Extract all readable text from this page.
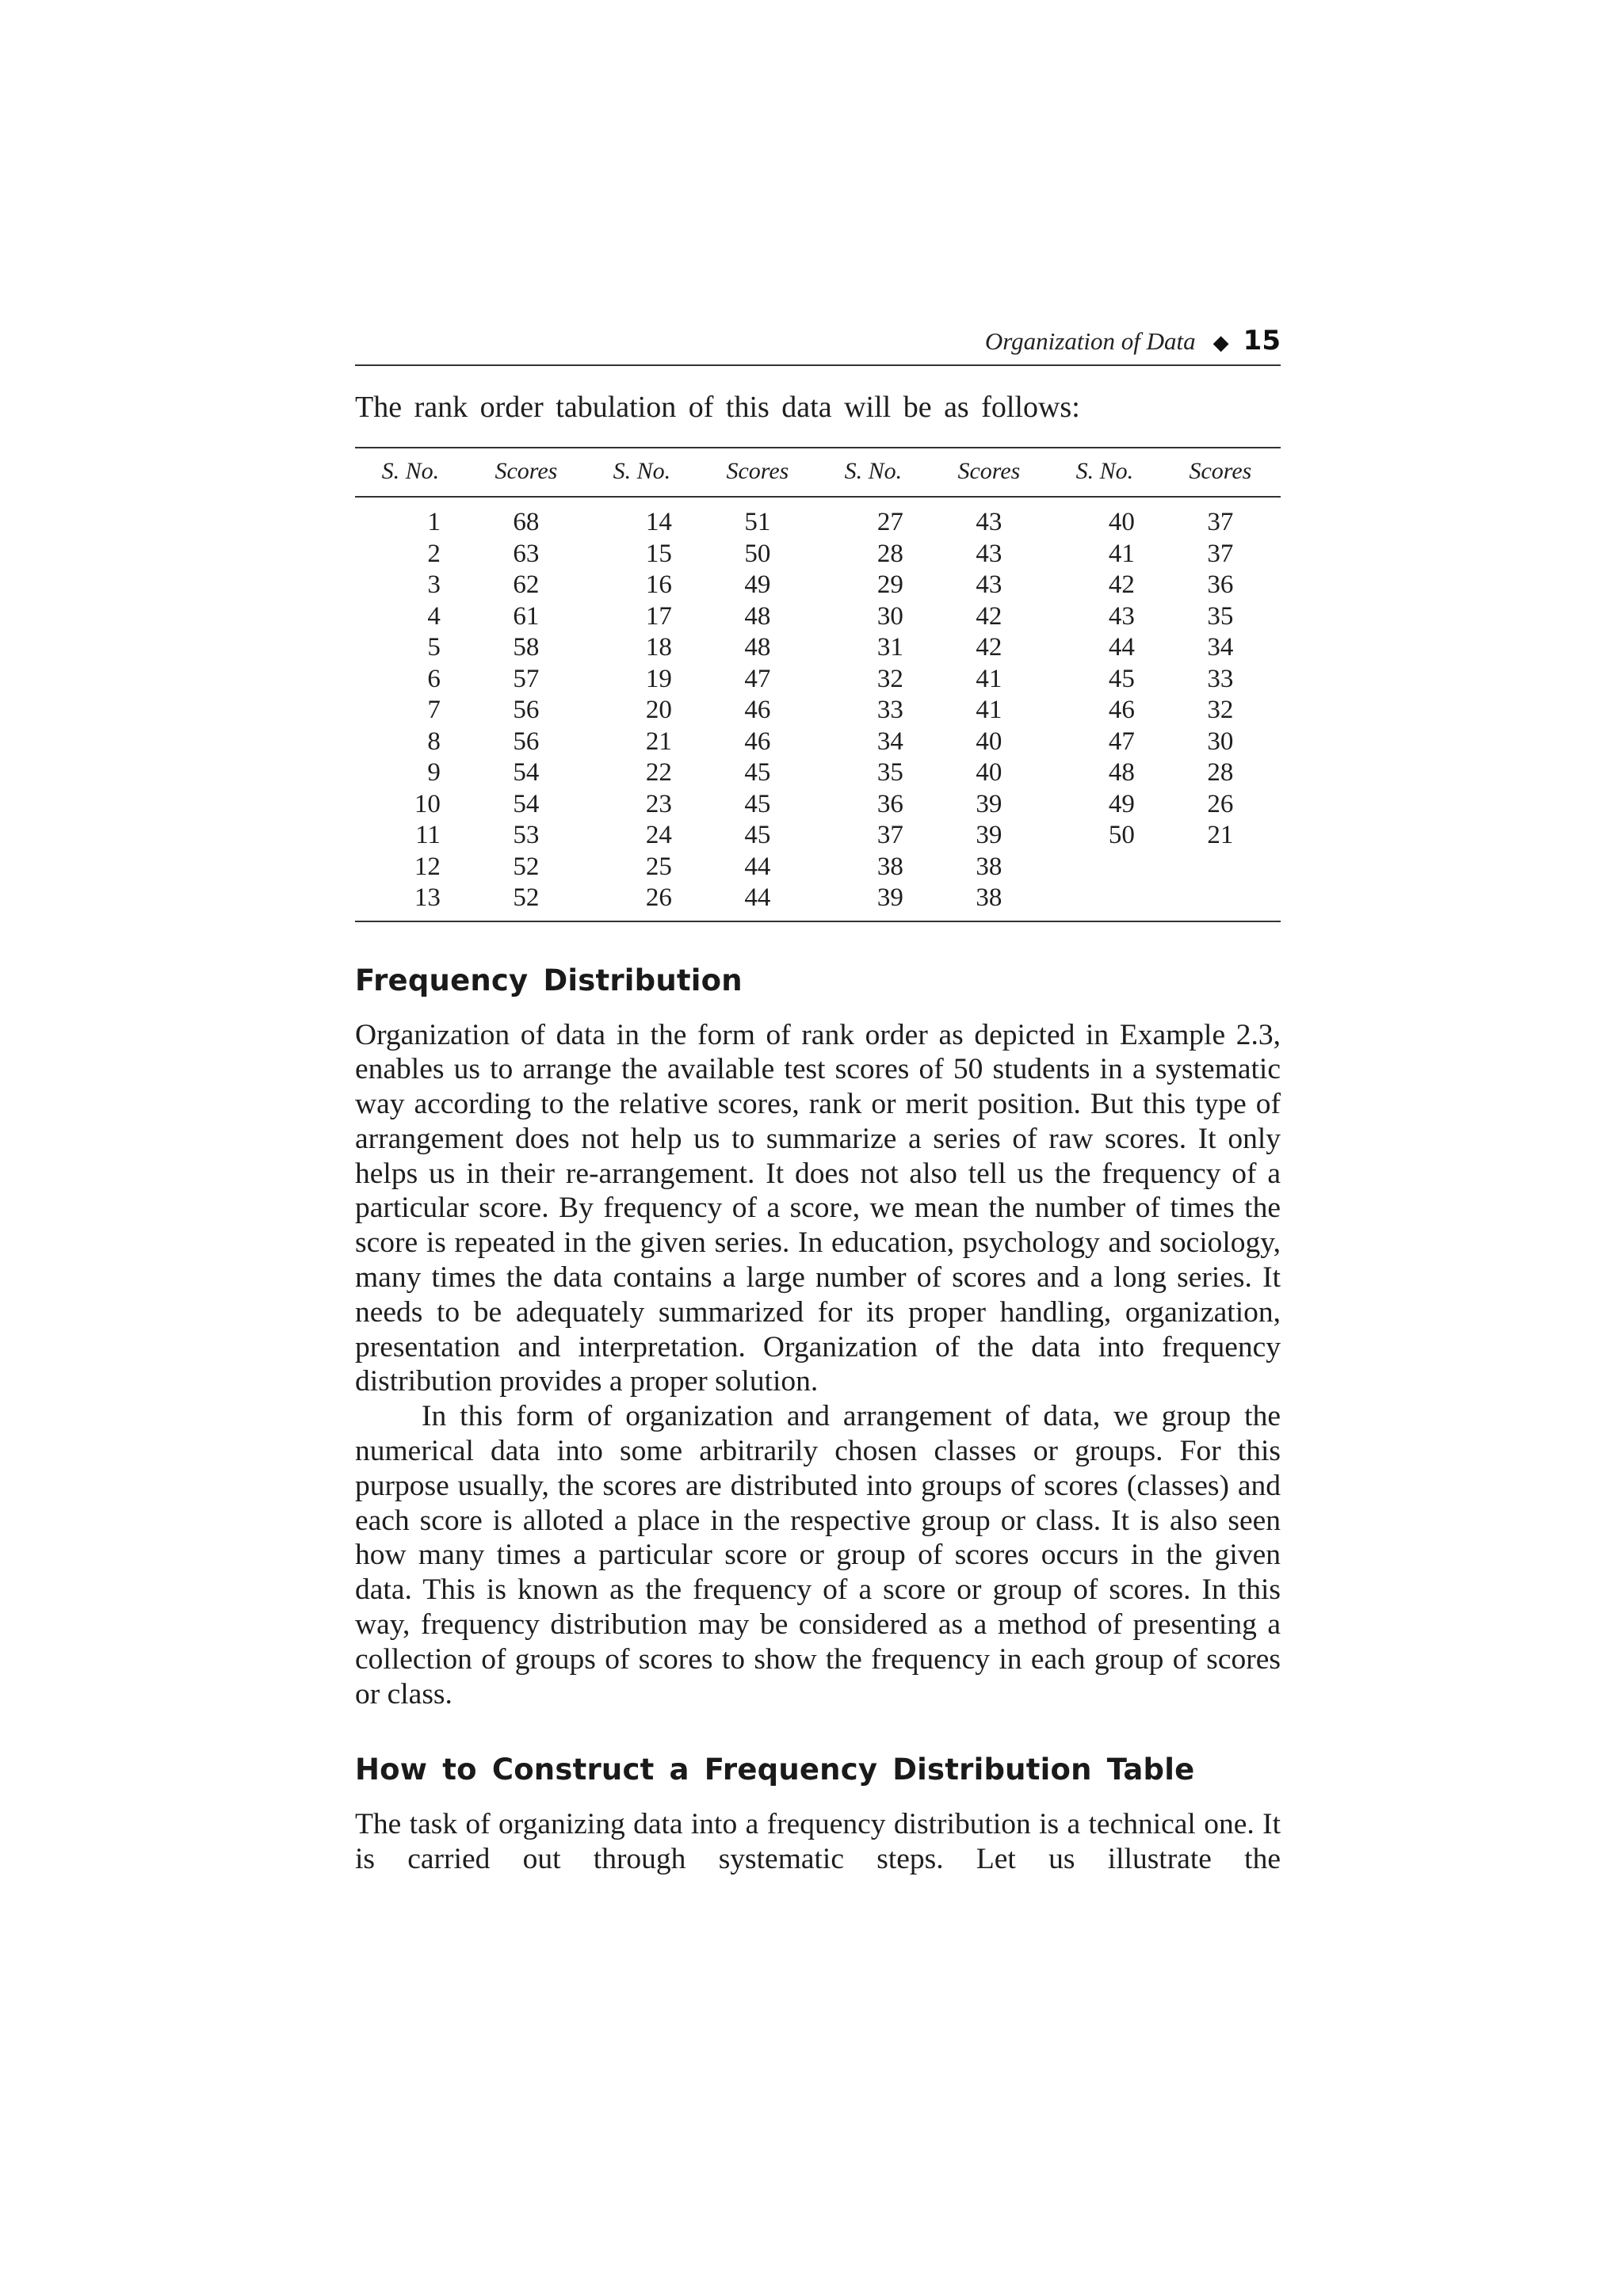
Organization of Data ◆ 15

The rank order tabulation of this data will be as follows:

S. No.	Scores	S. No.	Scores	S. No.	Scores	S. No.	Scores
1	68	14	51	27	43	40	37
2	63	15	50	28	43	41	37
3	62	16	49	29	43	42	36
4	61	17	48	30	42	43	35
5	58	18	48	31	42	44	34
6	57	19	47	32	41	45	33
7	56	20	46	33	41	46	32
8	56	21	46	34	40	47	30
9	54	22	45	35	40	48	28
10	54	23	45	36	39	49	26
11	53	24	45	37	39	50	21
12	52	25	44	38	38		
13	52	26	44	39	38		
Frequency Distribution

Organization of data in the form of rank order as depicted in Example 2.3, enables us to arrange the available test scores of 50 students in a systematic way according to the relative scores, rank or merit position. But this type of arrangement does not help us to summarize a series of raw scores. It only helps us in their re-arrangement. It does not also tell us the frequency of a particular score. By frequency of a score, we mean the number of times the score is repeated in the given series. In education, psychology and sociology, many times the data contains a large number of scores and a long series. It needs to be adequately summarized for its proper handling, organization, presentation and interpretation. Organization of the data into frequency distribution provides a proper solution.

In this form of organization and arrangement of data, we group the numerical data into some arbitrarily chosen classes or groups. For this purpose usually, the scores are distributed into groups of scores (classes) and each score is alloted a place in the respective group or class. It is also seen how many times a particular score or group of scores occurs in the given data. This is known as the frequency of a score or group of scores. In this way, frequency distribution may be considered as a method of presenting a collection of groups of scores to show the frequency in each group of scores or class.

How to Construct a Frequency Distribution Table

The task of organizing data into a frequency distribution is a technical one. It is carried out through systematic steps. Let us illustrate the
